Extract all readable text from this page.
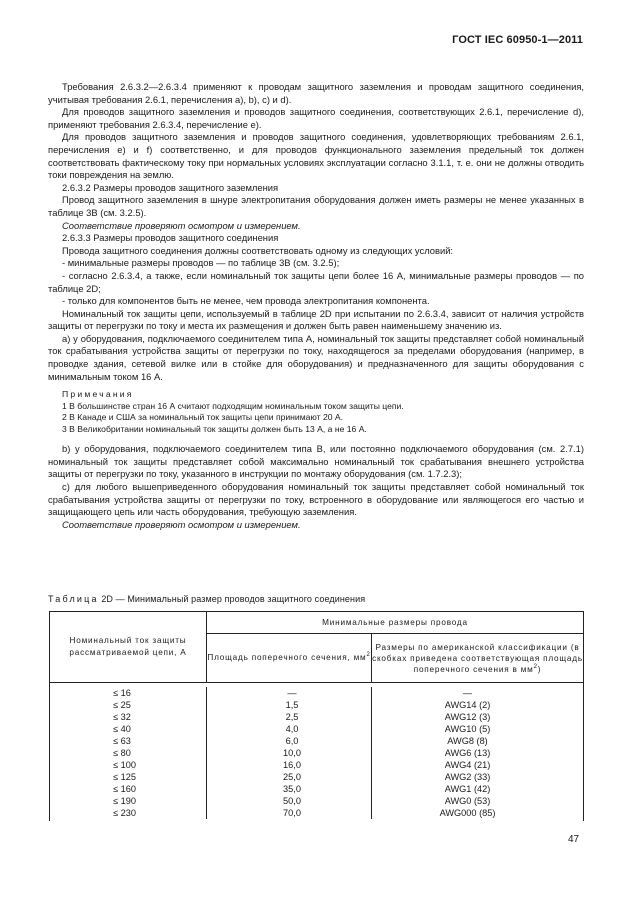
ГОСТ IEC 60950-1—2011

Требования 2.6.3.2—2.6.3.4 применяют к проводам защитного заземления и проводам защитного соединения, учитывая требования 2.6.1, перечисления а), b), с) и d).

Для проводов защитного заземления и проводов защитного соединения, соответствующих 2.6.1, перечисление d), применяют требования 2.6.3.4, перечисление е).

Для проводов защитного заземления и проводов защитного соединения, удовлетворяющих требованиям 2.6.1, перечисления е) и f) соответственно, и для проводов функционального заземления предельный ток должен соответствовать фактическому току при нормальных условиях эксплуатации согласно 3.1.1, т. е. они не должны отводить токи повреждения на землю.

2.6.3.2 Размеры проводов защитного заземления

Провод защитного заземления в шнуре электропитания оборудования должен иметь размеры не менее указанных в таблице 3В (см. 3.2.5).

Соответствие проверяют осмотром и измерением.

2.6.3.3 Размеры проводов защитного соединения

Провода защитного соединения должны соответствовать одному из следующих условий:

- минимальные размеры проводов — по таблице 3В (см. 3.2.5);

- согласно 2.6.3.4, а также, если номинальный ток защиты цепи более 16 А, минимальные размеры проводов — по таблице 2D;

- только для компонентов быть не менее, чем провода электропитания компонента.

Номинальный ток защиты цепи, используемый в таблице 2D при испытании по 2.6.3.4, зависит от наличия устройств защиты от перегрузки по току и места их размещения и должен быть равен наименьшему значению из.

а) у оборудования, подключаемого соединителем типа А, номинальный ток защиты представляет собой номинальный ток срабатывания устройства защиты от перегрузки по току, находящегося за пределами оборудования (например, в проводке здания, сетевой вилке или в стойке для оборудования) и предназначенного для защиты оборудования с минимальным током 16 А.

Примечания
1 В большинстве стран 16 А считают подходящим номинальным током защиты цепи.
2 В Канаде и США за номинальный ток защиты цепи принимают 20 А.
3 В Великобритании номинальный ток защиты должен быть 13 А, а не 16 А.

b) у оборудования, подключаемого соединителем типа В, или постоянно подключаемого оборудования (см. 2.7.1) номинальный ток защиты представляет собой максимально номинальный ток срабатывания внешнего устройства защиты от перегрузки по току, указанного в инструкции по монтажу оборудования (см. 1.7.2.3);

с) для любого вышеприведенного оборудования номинальный ток защиты представляет собой номинальный ток срабатывания устройства защиты от перегрузки по току, встроенного в оборудование или являющегося его частью и защищающего цепь или часть оборудования, требующую заземления.

Соответствие проверяют осмотром и измерением.

Таблица 2D — Минимальный размер проводов защитного соединения
Номинальный ток защиты рассматриваемой цепи, А
Минимальные размеры провода
Площадь поперечного сечения, $мм^2$
Размеры по американской классификации (в скобках приведена соответствующая площадь поперечного сечения в $мм^2$)
≤ 16
≤ 25
≤ 32
≤ 40
≤ 63
≤ 80
≤ 100
≤ 125
≤ 160
≤ 190
≤ 230
—
1,5
2,5
4,0
6,0
10,0
16,0
25,0
35,0
50,0
70,0
—
AWG14 (2)
AWG12 (3)
AWG10 (5)
AWG8 (8)
AWG6 (13)
AWG4 (21)
AWG2 (33)
AWG1 (42)
AWG0 (53)
AWG000 (85)
47
